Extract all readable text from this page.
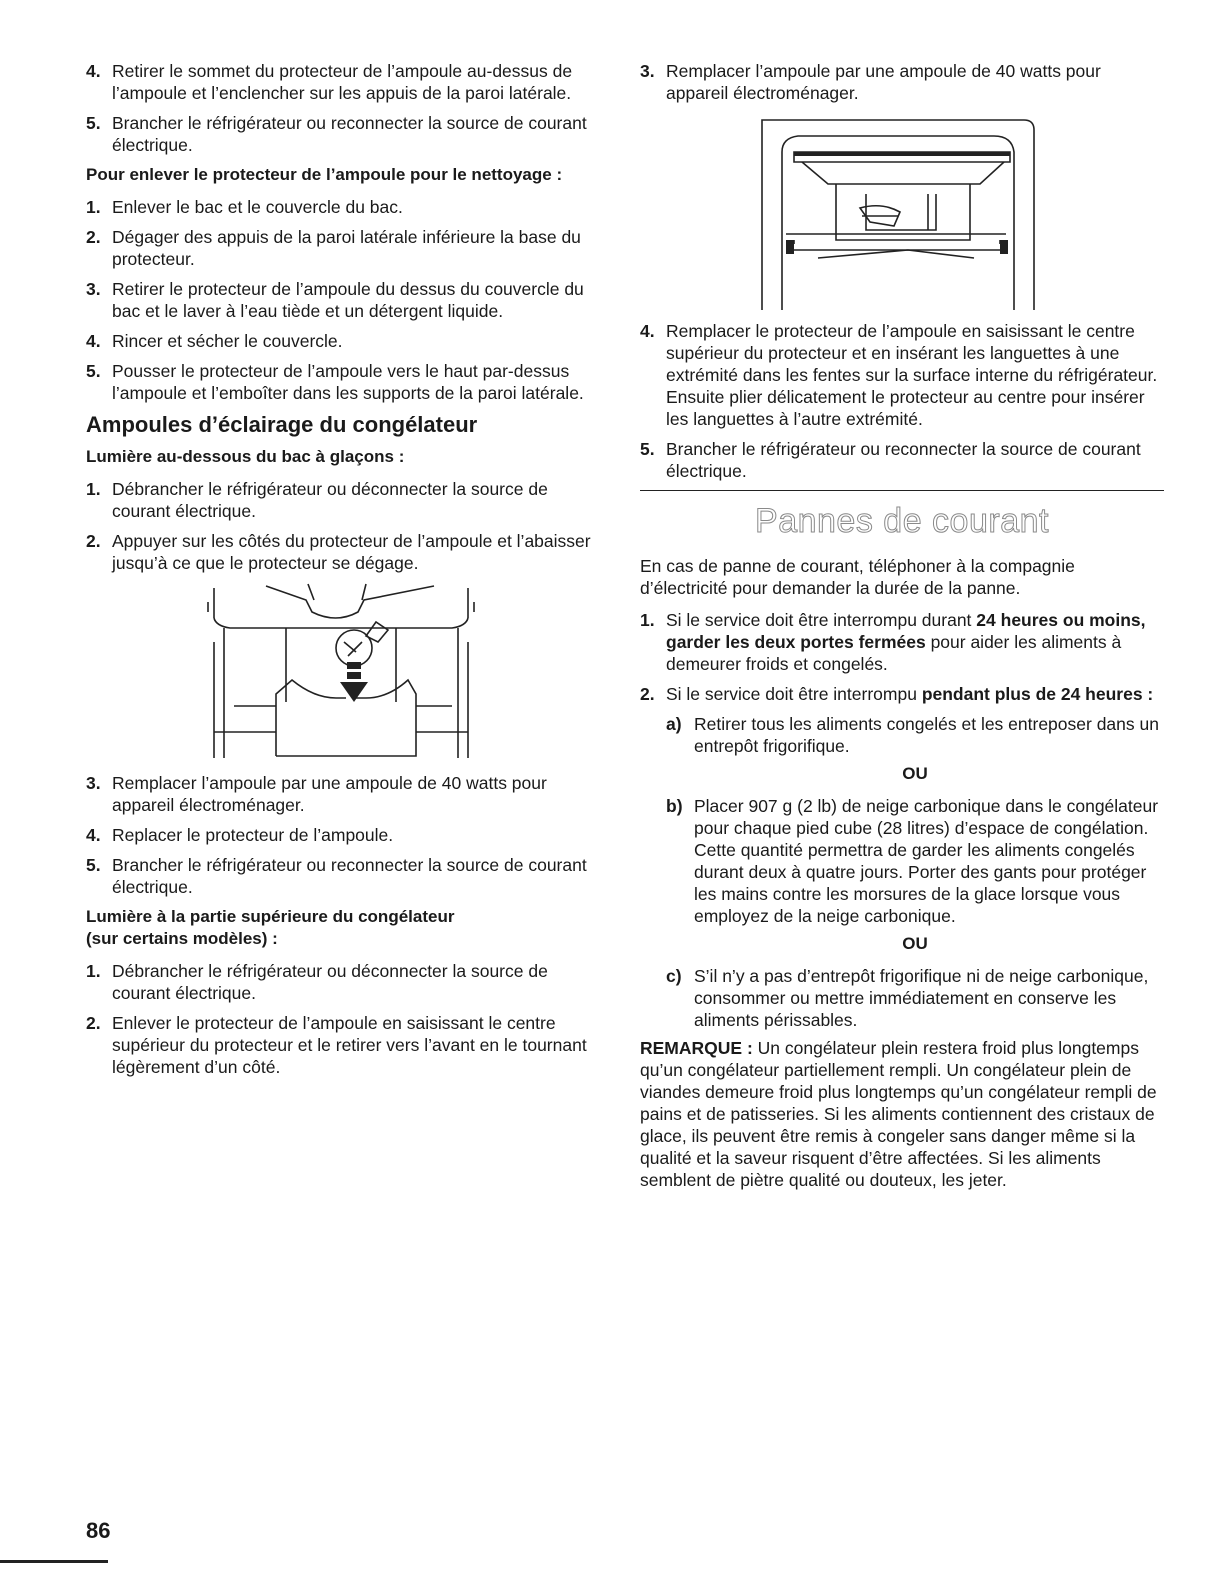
4. Retirer le sommet du protecteur de l’ampoule au-dessus de l’ampoule et l’enclencher sur les appuis de la paroi latérale.
5. Brancher le réfrigérateur ou reconnecter la source de courant électrique.
Pour enlever le protecteur de l’ampoule pour le nettoyage :
1. Enlever le bac et le couvercle du bac.
2. Dégager des appuis de la paroi latérale inférieure la base du protecteur.
3. Retirer le protecteur de l’ampoule du dessus du couvercle du bac et le laver à l’eau tiède et un détergent liquide.
4. Rincer et sécher le couvercle.
5. Pousser le protecteur de l’ampoule vers le haut par-dessus l’ampoule et l’emboîter dans les supports de la paroi latérale.
Ampoules d’éclairage du congélateur
Lumière au-dessous du bac à glaçons :
1. Débrancher le réfrigérateur ou déconnecter la source de courant électrique.
2. Appuyer sur les côtés du protecteur de l’ampoule et l’abaisser jusqu’à ce que le protecteur se dégage.
3. Remplacer l’ampoule par une ampoule de 40 watts pour appareil électroménager.
4. Replacer le protecteur de l’ampoule.
5. Brancher le réfrigérateur ou reconnecter la source de courant électrique.
Lumière à la partie supérieure du congélateur
(sur certains modèles) :
1. Débrancher le réfrigérateur ou déconnecter la source de courant électrique.
2. Enlever le protecteur de l’ampoule en saisissant le centre supérieur du protecteur et le retirer vers l’avant en le tournant légèrement d’un côté.
3. Remplacer l’ampoule par une ampoule de 40 watts pour appareil électroménager.
4. Remplacer le protecteur de l’ampoule en saisissant le centre supérieur du protecteur et en insérant les languettes à une extrémité dans les fentes sur la surface interne du réfrigérateur. Ensuite plier délicatement le protecteur au centre pour insérer les languettes à l’autre extrémité.
5. Brancher le réfrigérateur ou reconnecter la source de courant électrique.
Pannes de courant

En cas de panne de courant, téléphoner à la compagnie d’électricité pour demander la durée de la panne.

1. Si le service doit être interrompu durant 24 heures ou moins, garder les deux portes fermées pour aider les aliments à demeurer froids et congelés.
2. Si le service doit être interrompu pendant plus de 24 heures :
a) Retirer tous les aliments congelés et les entreposer dans un entrepôt frigorifique.
OU
b) Placer 907 g (2 lb) de neige carbonique dans le congélateur pour chaque pied cube (28 litres) d’espace de congélation. Cette quantité permettra de garder les aliments congelés durant deux à quatre jours. Porter des gants pour protéger les mains contre les morsures de la glace lorsque vous employez de la neige carbonique.
OU
c) S’il n’y a pas d’entrepôt frigorifique ni de neige carbonique, consommer ou mettre immédiatement en conserve les aliments périssables.

REMARQUE : Un congélateur plein restera froid plus longtemps qu’un congélateur partiellement rempli. Un congélateur plein de viandes demeure froid plus longtemps qu’un congélateur rempli de pains et de patisseries. Si les aliments contiennent des cristaux de glace, ils peuvent être remis à congeler sans danger même si la qualité et la saveur risquent d’être affectées. Si les aliments semblent de piètre qualité ou douteux, les jeter.

86
